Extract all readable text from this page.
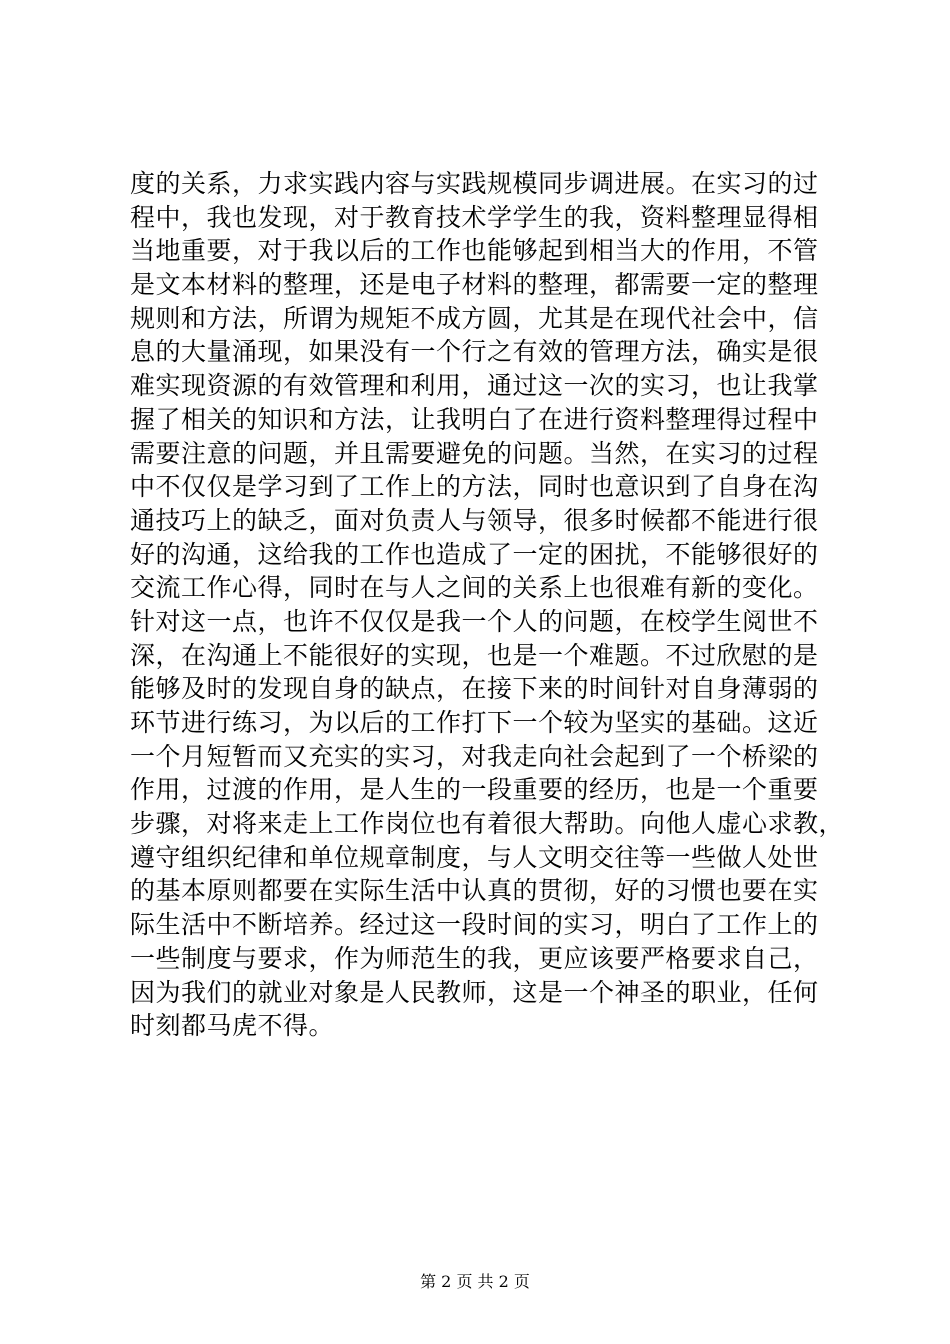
度的关系，力求实践内容与实践规模同步调进展。在实习的过
程中，我也发现，对于教育技术学学生的我，资料整理显得相
当地重要，对于我以后的工作也能够起到相当大的作用，不管
是文本材料的整理，还是电子材料的整理，都需要一定的整理
规则和方法，所谓为规矩不成方圆，尤其是在现代社会中，信
息的大量涌现，如果没有一个行之有效的管理方法，确实是很
难实现资源的有效管理和利用，通过这一次的实习，也让我掌
握了相关的知识和方法，让我明白了在进行资料整理得过程中
需要注意的问题，并且需要避免的问题。当然，在实习的过程
中不仅仅是学习到了工作上的方法，同时也意识到了自身在沟
通技巧上的缺乏，面对负责人与领导，很多时候都不能进行很
好的沟通，这给我的工作也造成了一定的困扰，不能够很好的
交流工作心得，同时在与人之间的关系上也很难有新的变化。
针对这一点，也许不仅仅是我一个人的问题，在校学生阅世不
深，在沟通上不能很好的实现，也是一个难题。不过欣慰的是
能够及时的发现自身的缺点，在接下来的时间针对自身薄弱的
环节进行练习，为以后的工作打下一个较为坚实的基础。这近
一个月短暂而又充实的实习，对我走向社会起到了一个桥梁的
作用，过渡的作用，是人生的一段重要的经历，也是一个重要
步骤，对将来走上工作岗位也有着很大帮助。向他人虚心求教，
遵守组织纪律和单位规章制度，与人文明交往等一些做人处世
的基本原则都要在实际生活中认真的贯彻，好的习惯也要在实
际生活中不断培养。经过这一段时间的实习，明白了工作上的
一些制度与要求，作为师范生的我，更应该要严格要求自己，
因为我们的就业对象是人民教师，这是一个神圣的职业，任何
时刻都马虎不得。
第 2 页 共 2 页
